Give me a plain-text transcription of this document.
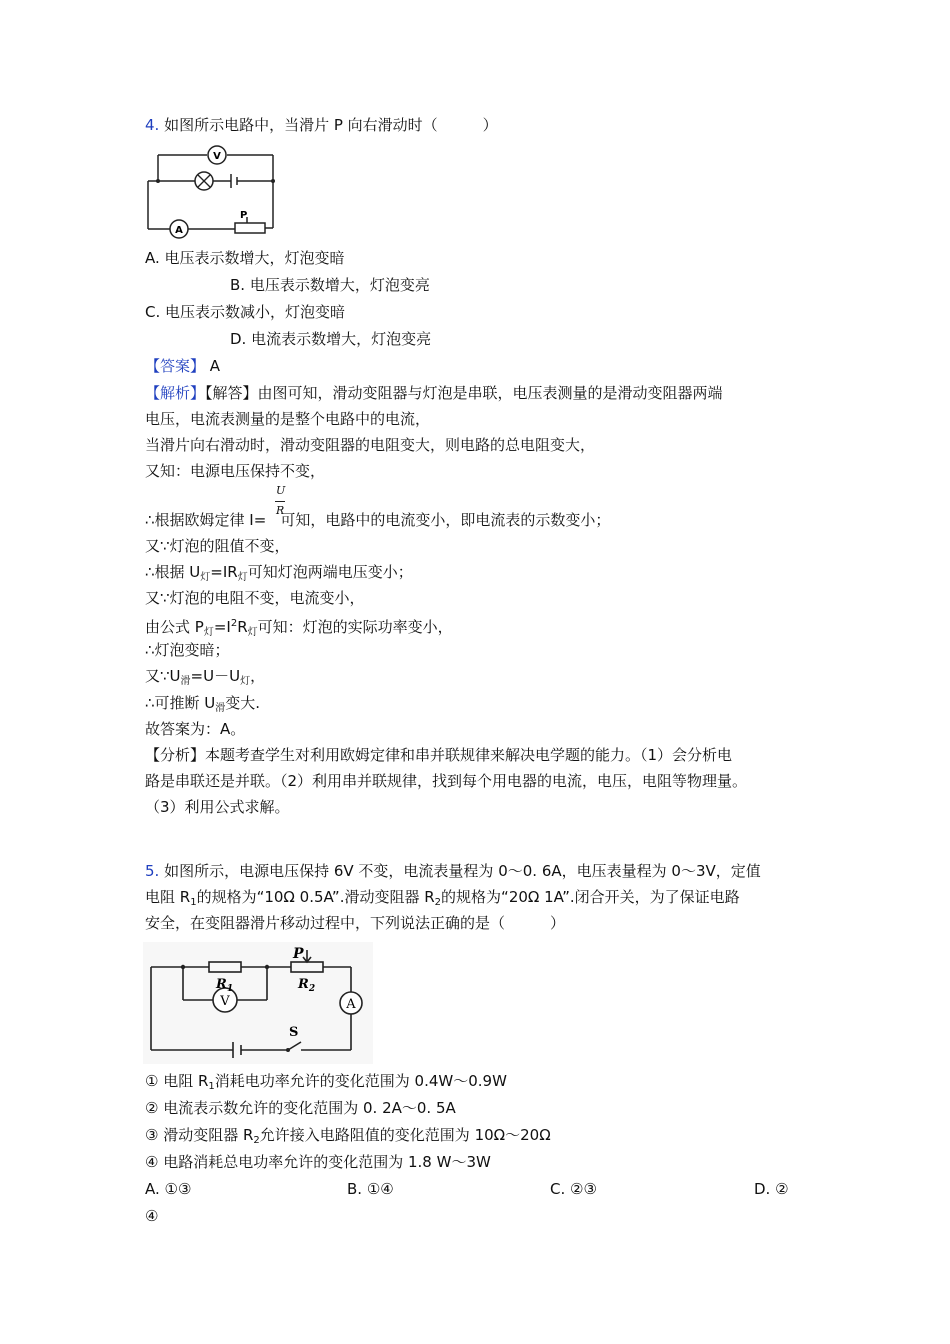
4. 如图所示电路中，当滑片 P 向右滑动时（　　　）
V
A
P
A. 电压表示数增大，灯泡变暗
B. 电压表示数增大，灯泡变亮
C. 电压表示数减小，灯泡变暗
D. 电流表示数增大，灯泡变亮
【答案】 A
【解析】【解答】由图可知，滑动变阻器与灯泡是串联，电压表测量的是滑动变阻器两端
电压，电流表测量的是整个电路中的电流，
当滑片向右滑动时，滑动变阻器的电阻变大，则电路的总电阻变大，
又知：电源电压保持不变，
U
R
∴根据欧姆定律 I= 可知，电路中的电流变小，即电流表的示数变小；
又∵灯泡的阻值不变，
∴根据 $U_灯=IR_灯$可知灯泡两端电压变小；
又∵灯泡的电阻不变，电流变小，
由公式 $P_灯=I^2R_灯$可知：灯泡的实际功率变小，
∴灯泡变暗；
又$\because U_滑=U-U_灯$，
∴可推断 $U_滑$变大.
故答案为：A。
【分析】本题考查学生对利用欧姆定律和串并联规律来解决电学题的能力。（1）会分析电
路是串联还是并联。（2）利用串并联规律，找到每个用电器的电流，电压，电阻等物理量。
（3）利用公式求解。
5. 如图所示，电源电压保持 6V 不变，电流表量程为 0～0. 6A，电压表量程为 0～3V，定值
电阻 $R_1$的规格为“10Ω 0.5A”.滑动变阻器 $R_2$的规格为“20Ω 1A”.闭合开关，为了保证电路
安全，在变阻器滑片移动过程中，下列说法正确的是（　　　）
V	A
P
$R_1$	$R_2$
S
① 电阻 $R_1$消耗电功率允许的变化范围为 0.4W～0.9W
② 电流表示数允许的变化范围为 0. 2A～0. 5A
③ 滑动变阻器 $R_2$允许接入电路阻值的变化范围为 10Ω～20Ω
④ 电路消耗总电功率允许的变化范围为 1.8 W～3W
A. ①③	B. ①④	C. ②③	D. ②
④
